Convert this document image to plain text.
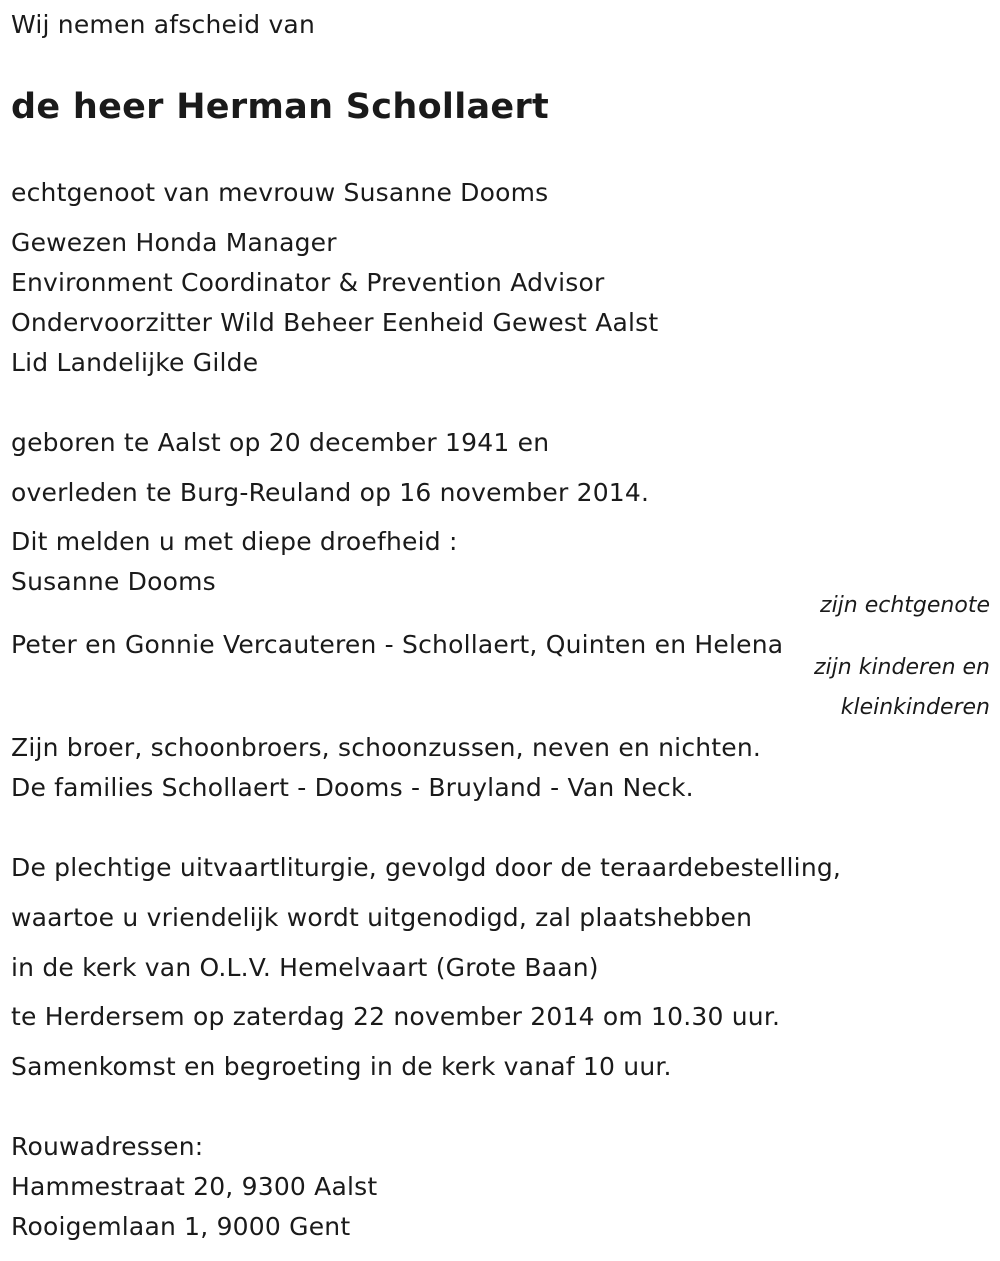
Wij nemen afscheid van
de heer Herman Schollaert
echtgenoot van mevrouw Susanne Dooms
Gewezen Honda Manager
Environment Coordinator & Prevention Advisor
Ondervoorzitter Wild Beheer Eenheid Gewest Aalst
Lid Landelijke Gilde
geboren te Aalst op 20 december 1941 en
overleden te Burg-Reuland op 16 november 2014.
Dit melden u met diepe droefheid :
Susanne Dooms
zijn echtgenote
Peter en Gonnie Vercauteren - Schollaert, Quinten en Helena
zijn kinderen en
kleinkinderen
Zijn broer, schoonbroers, schoonzussen, neven en nichten.
De families Schollaert - Dooms - Bruyland - Van Neck.
De plechtige uitvaartliturgie, gevolgd door de teraardebestelling,
waartoe u vriendelijk wordt uitgenodigd, zal plaatshebben
in de kerk van O.L.V. Hemelvaart (Grote Baan)
te Herdersem op zaterdag 22 november 2014 om 10.30 uur.
Samenkomst en begroeting in de kerk vanaf 10 uur.
Rouwadressen:
Hammestraat 20, 9300 Aalst
Rooigemlaan 1, 9000 Gent
